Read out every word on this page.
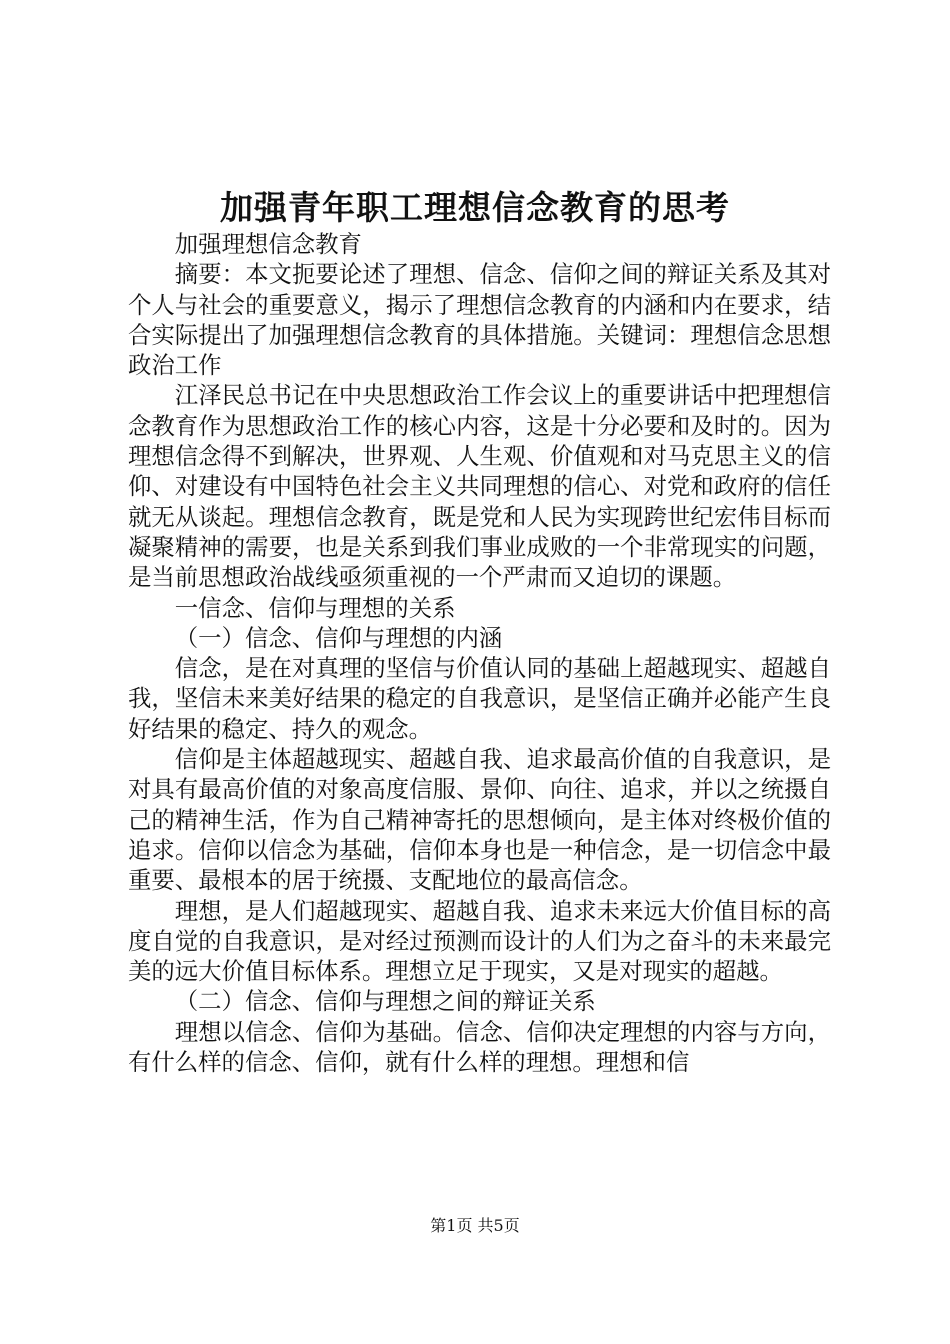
加强青年职工理想信念教育的思考

加强理想信念教育

摘要：本文扼要论述了理想、信念、信仰之间的辩证关系及其对个人与社会的重要意义，揭示了理想信念教育的内涵和内在要求，结合实际提出了加强理想信念教育的具体措施。关键词：理想信念思想政治工作

江泽民总书记在中央思想政治工作会议上的重要讲话中把理想信念教育作为思想政治工作的核心内容，这是十分必要和及时的。因为理想信念得不到解决，世界观、人生观、价值观和对马克思主义的信仰、对建设有中国特色社会主义共同理想的信心、对党和政府的信任就无从谈起。理想信念教育，既是党和人民为实现跨世纪宏伟目标而凝聚精神的需要，也是关系到我们事业成败的一个非常现实的问题，是当前思想政治战线亟须重视的一个严肃而又迫切的课题。

一信念、信仰与理想的关系

（一）信念、信仰与理想的内涵

信念，是在对真理的坚信与价值认同的基础上超越现实、超越自我，坚信未来美好结果的稳定的自我意识，是坚信正确并必能产生良好结果的稳定、持久的观念。

信仰是主体超越现实、超越自我、追求最高价值的自我意识，是对具有最高价值的对象高度信服、景仰、向往、追求，并以之统摄自己的精神生活，作为自己精神寄托的思想倾向，是主体对终极价值的追求。信仰以信念为基础，信仰本身也是一种信念，是一切信念中最重要、最根本的居于统摄、支配地位的最高信念。

理想，是人们超越现实、超越自我、追求未来远大价值目标的高度自觉的自我意识，是对经过预测而设计的人们为之奋斗的未来最完美的远大价值目标体系。理想立足于现实，又是对现实的超越。

（二）信念、信仰与理想之间的辩证关系

理想以信念、信仰为基础。信念、信仰决定理想的内容与方向，有什么样的信念、信仰，就有什么样的理想。理想和信

第1页 共5页
